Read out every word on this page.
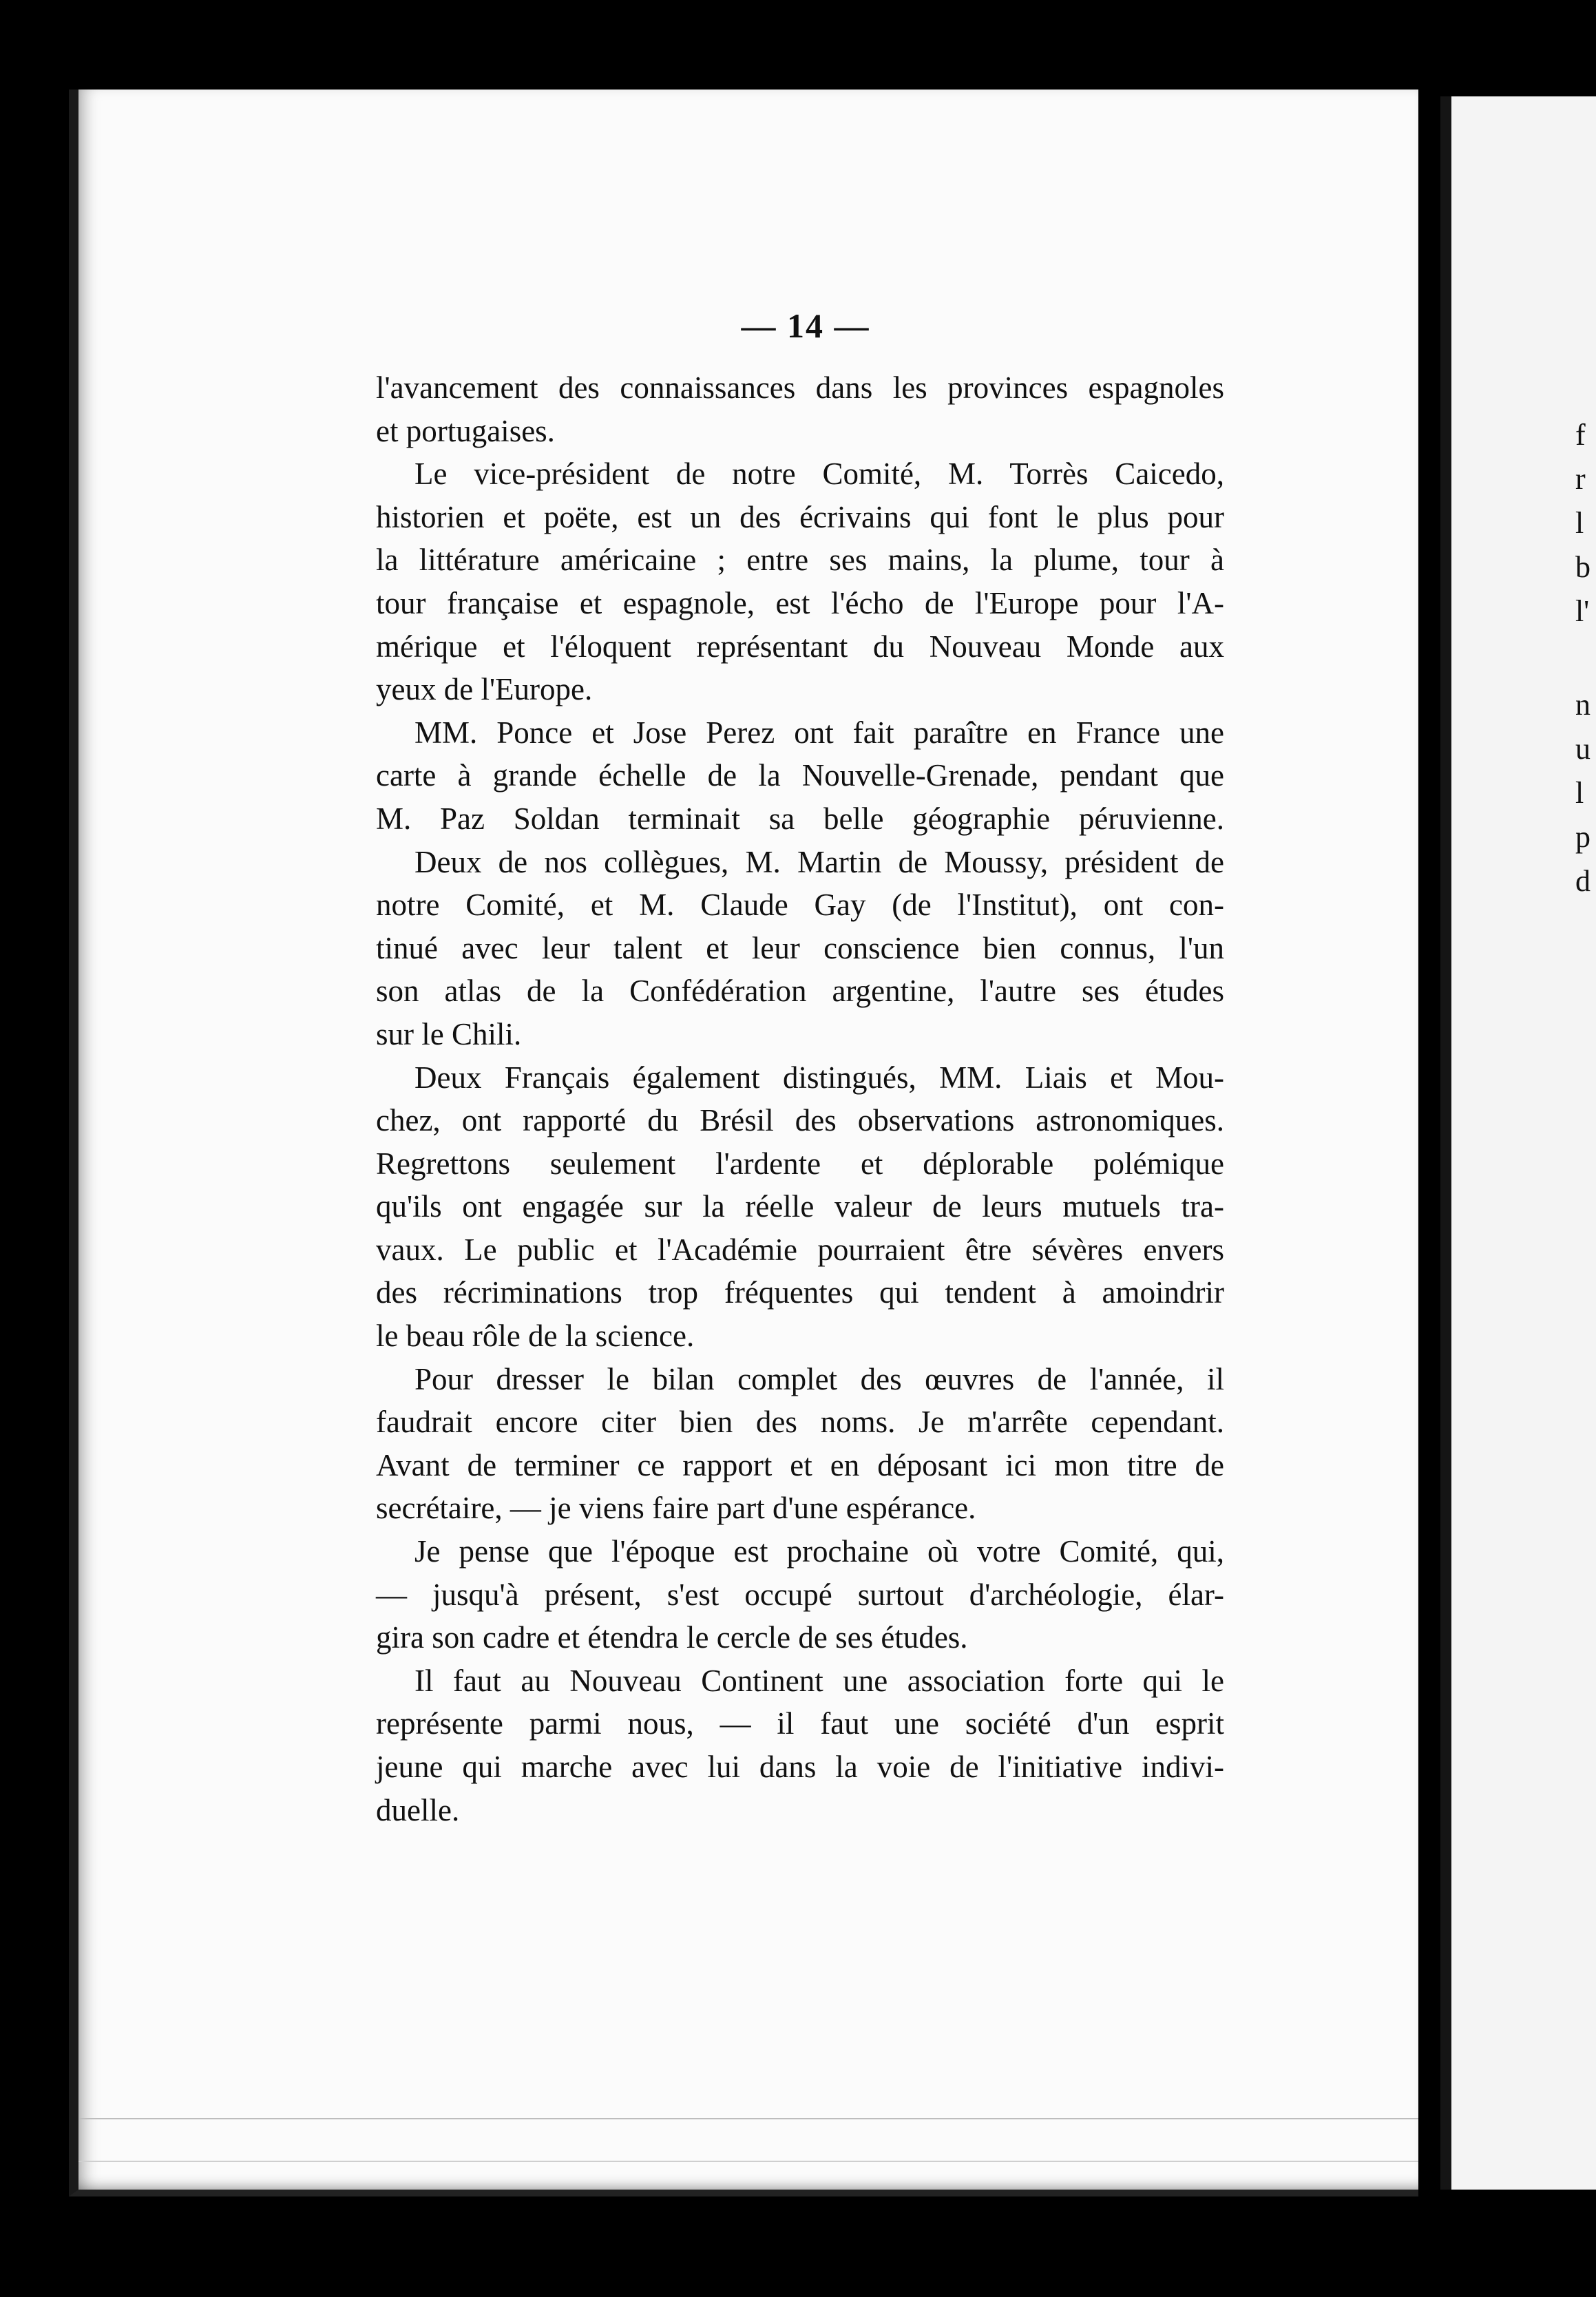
f
r
l
b
l'
n
u
l
p
d
— 14 —
l'avancement des connaissances dans les provinces espagnoles
et portugaises.
Le vice-président de notre Comité, M. Torrès Caicedo,
historien et poëte, est un des écrivains qui font le plus pour
la littérature américaine ; entre ses mains, la plume, tour à
tour française et espagnole, est l'écho de l'Europe pour l'A-
mérique et l'éloquent représentant du Nouveau Monde aux
yeux de l'Europe.
MM. Ponce et Jose Perez ont fait paraître en France une
carte à grande échelle de la Nouvelle-Grenade, pendant que
M. Paz Soldan terminait sa belle géographie péruvienne.
Deux de nos collègues, M. Martin de Moussy, président de
notre Comité, et M. Claude Gay (de l'Institut), ont con-
tinué avec leur talent et leur conscience bien connus, l'un
son atlas de la Confédération argentine, l'autre ses études
sur le Chili.
Deux Français également distingués, MM. Liais et Mou-
chez, ont rapporté du Brésil des observations astronomiques.
Regrettons seulement l'ardente et déplorable polémique
qu'ils ont engagée sur la réelle valeur de leurs mutuels tra-
vaux. Le public et l'Académie pourraient être sévères envers
des récriminations trop fréquentes qui tendent à amoindrir
le beau rôle de la science.
Pour dresser le bilan complet des œuvres de l'année, il
faudrait encore citer bien des noms. Je m'arrête cependant.
Avant de terminer ce rapport et en déposant ici mon titre de
secrétaire, — je viens faire part d'une espérance.
Je pense que l'époque est prochaine où votre Comité, qui,
— jusqu'à présent, s'est occupé surtout d'archéologie, élar-
gira son cadre et étendra le cercle de ses études.
Il faut au Nouveau Continent une association forte qui le
représente parmi nous, — il faut une société d'un esprit
jeune qui marche avec lui dans la voie de l'initiative indivi-
duelle.
